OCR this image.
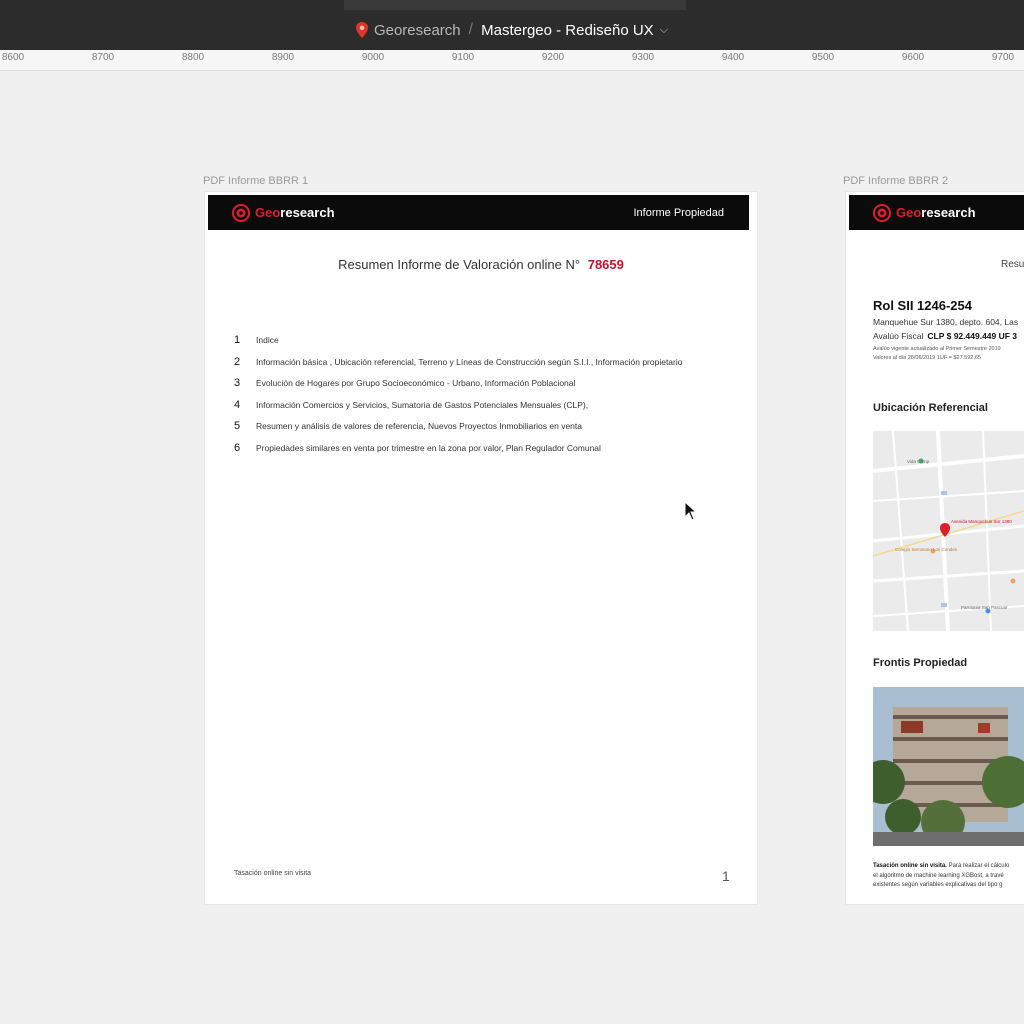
Georesearch / Mastergeo - Rediseño UX ⌵
8600	8700	8800	8900	9000	9100	9200	9300	9400	9500	9600	9700
PDF Informe BBRR 1	PDF Informe BBRR 2
Geo research	Informe Propiedad
Resumen Informe de Valoración online N° 78659
1	Indice
2	Información básica , Ubicación referencial, Terreno y Líneas de Construcción según S.I.I., Información propietario
3	Evolución de Hogares por Grupo Socioeconómico - Urbano, Información Poblacional
4	Información Comercios y Servicios, Sumatoria de Gastos Potenciales Mensuales (CLP),
5	Resumen y análisis de valores de referencia, Nuevos Proyectos Inmobiliarios en venta
6	Propiedades similares en venta por trimestre en la zona por valor, Plan Regulador Comunal
Tasación online sin visita	1
Geo research
Resu
Rol SII 1246-254
Manquehue Sur 1380, depto. 604, Las
Avalúo Fiscal CLP $ 92.449.449 UF 3
Avalúo vigente actualizado al Primer Semestre 2019
Valores al día 28/06/2019 1UF = $27.592,65
Ubicación Referencial
Vida Camp
Avenida Manquehue Sur 1380
Colegio Seminario Los Condes
Parroquia San Pascual
Frontis Propiedad
Tasación online sin visita. Para realizar el cálculo
el algoritmo de machine learning XGBost, a travé
existentes según variables explicativas del tipo g
